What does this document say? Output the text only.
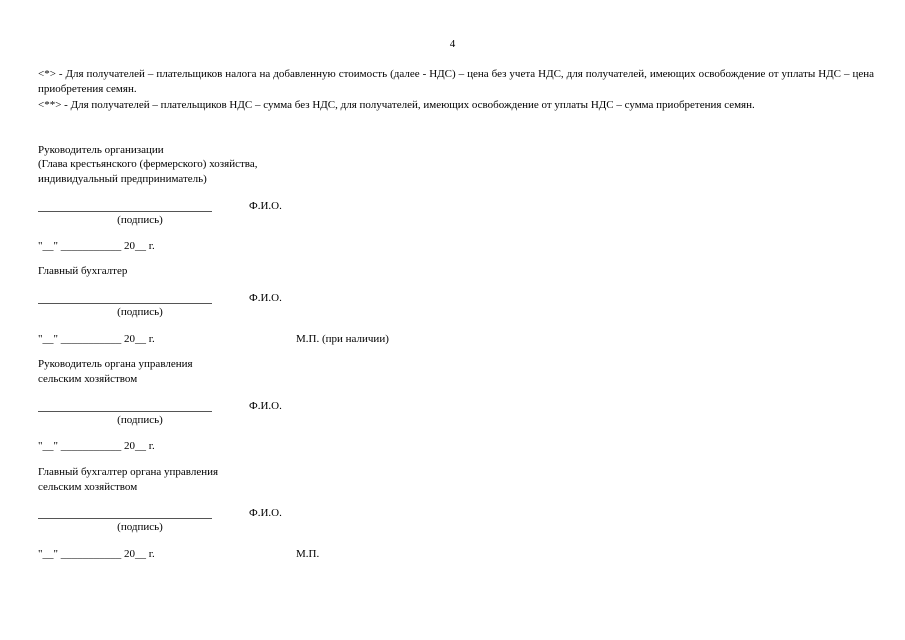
4
<*> - Для получателей – плательщиков налога на добавленную стоимость (далее - НДС) – цена без учета НДС, для получателей, имеющих освобождение от уплаты НДС – цена приобретения семян.
<**> - Для получателей – плательщиков НДС – сумма без НДС, для получателей, имеющих освобождение от уплаты НДС – сумма приобретения семян.
Руководитель организации
(Глава крестьянского (фермерского) хозяйства,
индивидуальный предприниматель)
Ф.И.О.
(подпись)
"__" ___________ 20__ г.
Главный бухгалтер
Ф.И.О.
(подпись)
"__" ___________ 20__ г.	М.П. (при наличии)
Руководитель органа управления
сельским хозяйством
Ф.И.О.
(подпись)
"__" ___________ 20__ г.
Главный бухгалтер органа управления
сельским хозяйством
Ф.И.О.
(подпись)
"__" ___________ 20__ г.	М.П.
